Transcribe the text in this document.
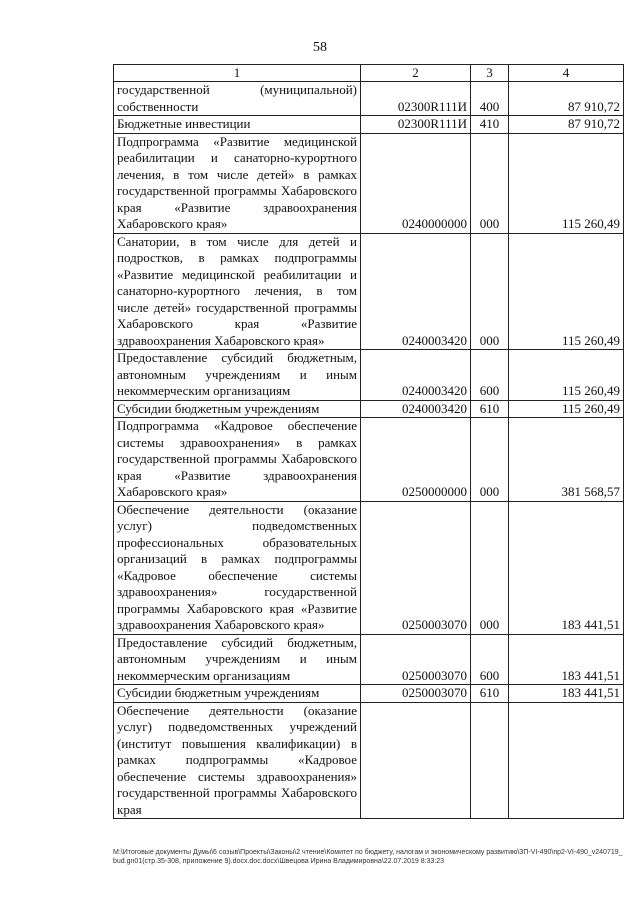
58
1	2	3	4
государственной (муниципальной) собственности	02300R111И	400	87 910,72
Бюджетные инвестиции	02300R111И	410	87 910,72
Подпрограмма «Развитие медицинской реабилитации и санаторно-курортного лечения, в том числе детей» в рамках государственной программы Хабаровского края «Развитие здравоохранения Хабаровского края»	0240000000	000	115 260,49
Санатории, в том числе для детей и подростков, в рамках подпрограммы «Развитие медицинской реабилитации и санаторно-курортного лечения, в том числе детей» государственной программы Хабаровского края «Развитие здравоохранения Хабаровского края»	0240003420	000	115 260,49
Предоставление субсидий бюджетным, автономным учреждениям и иным некоммерческим организациям	0240003420	600	115 260,49
Субсидии бюджетным учреждениям	0240003420	610	115 260,49
Подпрограмма «Кадровое обеспечение системы здравоохранения» в рамках государственной программы Хабаровского края «Развитие здравоохранения Хабаровского края»	0250000000	000	381 568,57
Обеспечение деятельности (оказание услуг) подведомственных профессиональных образовательных организаций в рамках подпрограммы «Кадровое обеспечение системы здравоохранения» государственной программы Хабаровского края «Развитие здравоохранения Хабаровского края»	0250003070	000	183 441,51
Предоставление субсидий бюджетным, автономным учреждениям и иным некоммерческим организациям	0250003070	600	183 441,51
Субсидии бюджетным учреждениям	0250003070	610	183 441,51
Обеспечение деятельности (оказание услуг) подведомственных учреждений (институт повышения квалификации) в рамках подпрограммы «Кадровое обеспечение системы здравоохранения» государственной программы Хабаровского края			
M:\Итоговые документы Думы\6 созыв\Проекты\Законы\2 чтение\Комитет по бюджету, налогам и экономическому развитию\ЗП-VI-490\пр2-VI-490_v240719_bud.gn01(стр.35-308, приложение 9).docx.doc.docx\Швецова Ирина Владимировна\22.07.2019 8:33:23
